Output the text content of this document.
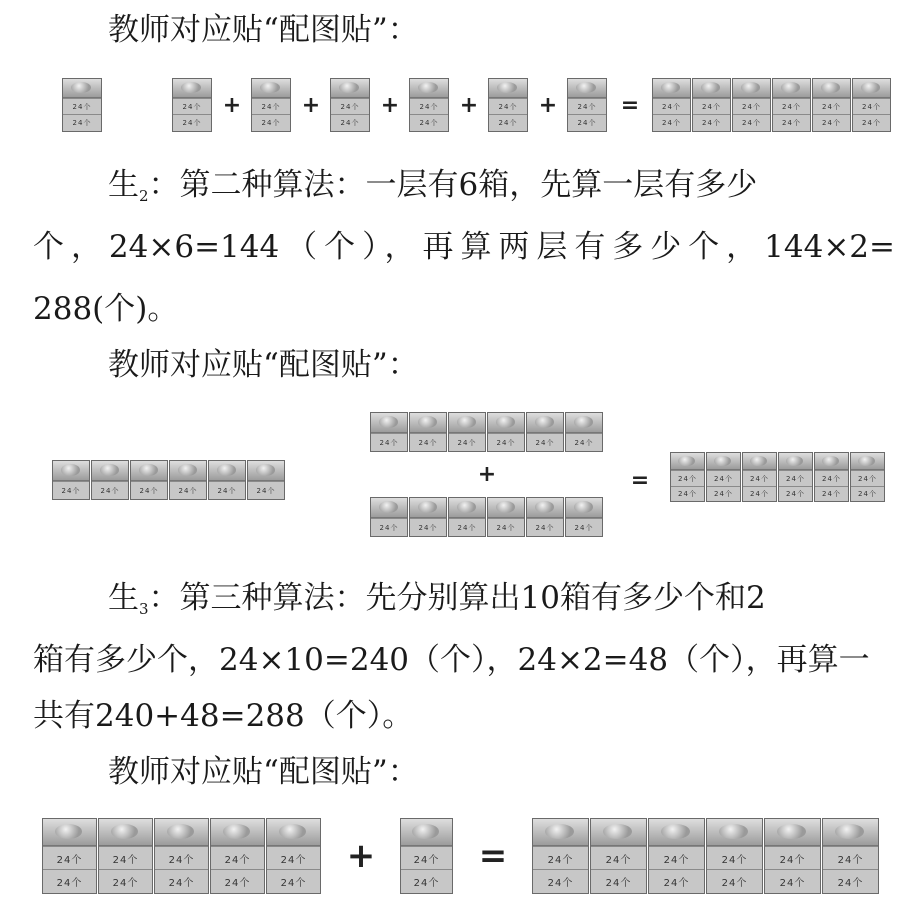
教师对应贴“配图贴”：
24个
24个
24个
24个
+	24个
24个
+	24个
24个
+	24个
24个
+	24个
24个
+	24个
24个
=	24个
24个
24个
24个
24个
24个
24个
24个
24个
24个
24个
24个
生$_2$：第二种算法：一层有6箱，先算一层有多少
个，24×6=144（个），再算两层有多少个，144×2=
288(个)。
教师对应贴“配图贴”：
24个	24个	24个	24个	24个	24个
24个	24个	24个	24个	24个	24个
+
24个	24个	24个	24个	24个	24个
=	24个
24个
24个
24个
24个
24个
24个
24个
24个
24个
24个
24个
生$_3$：第三种算法：先分别算出10箱有多少个和2
箱有多少个，24×10=240（个），24×2=48（个），再算一
共有240+48=288（个）。
教师对应贴“配图贴”：
24个
24个
24个
24个
24个
24个
24个
24个
24个
24个
+	24个
24个
=	24个
24个
24个
24个
24个
24个
24个
24个
24个
24个
24个
24个
